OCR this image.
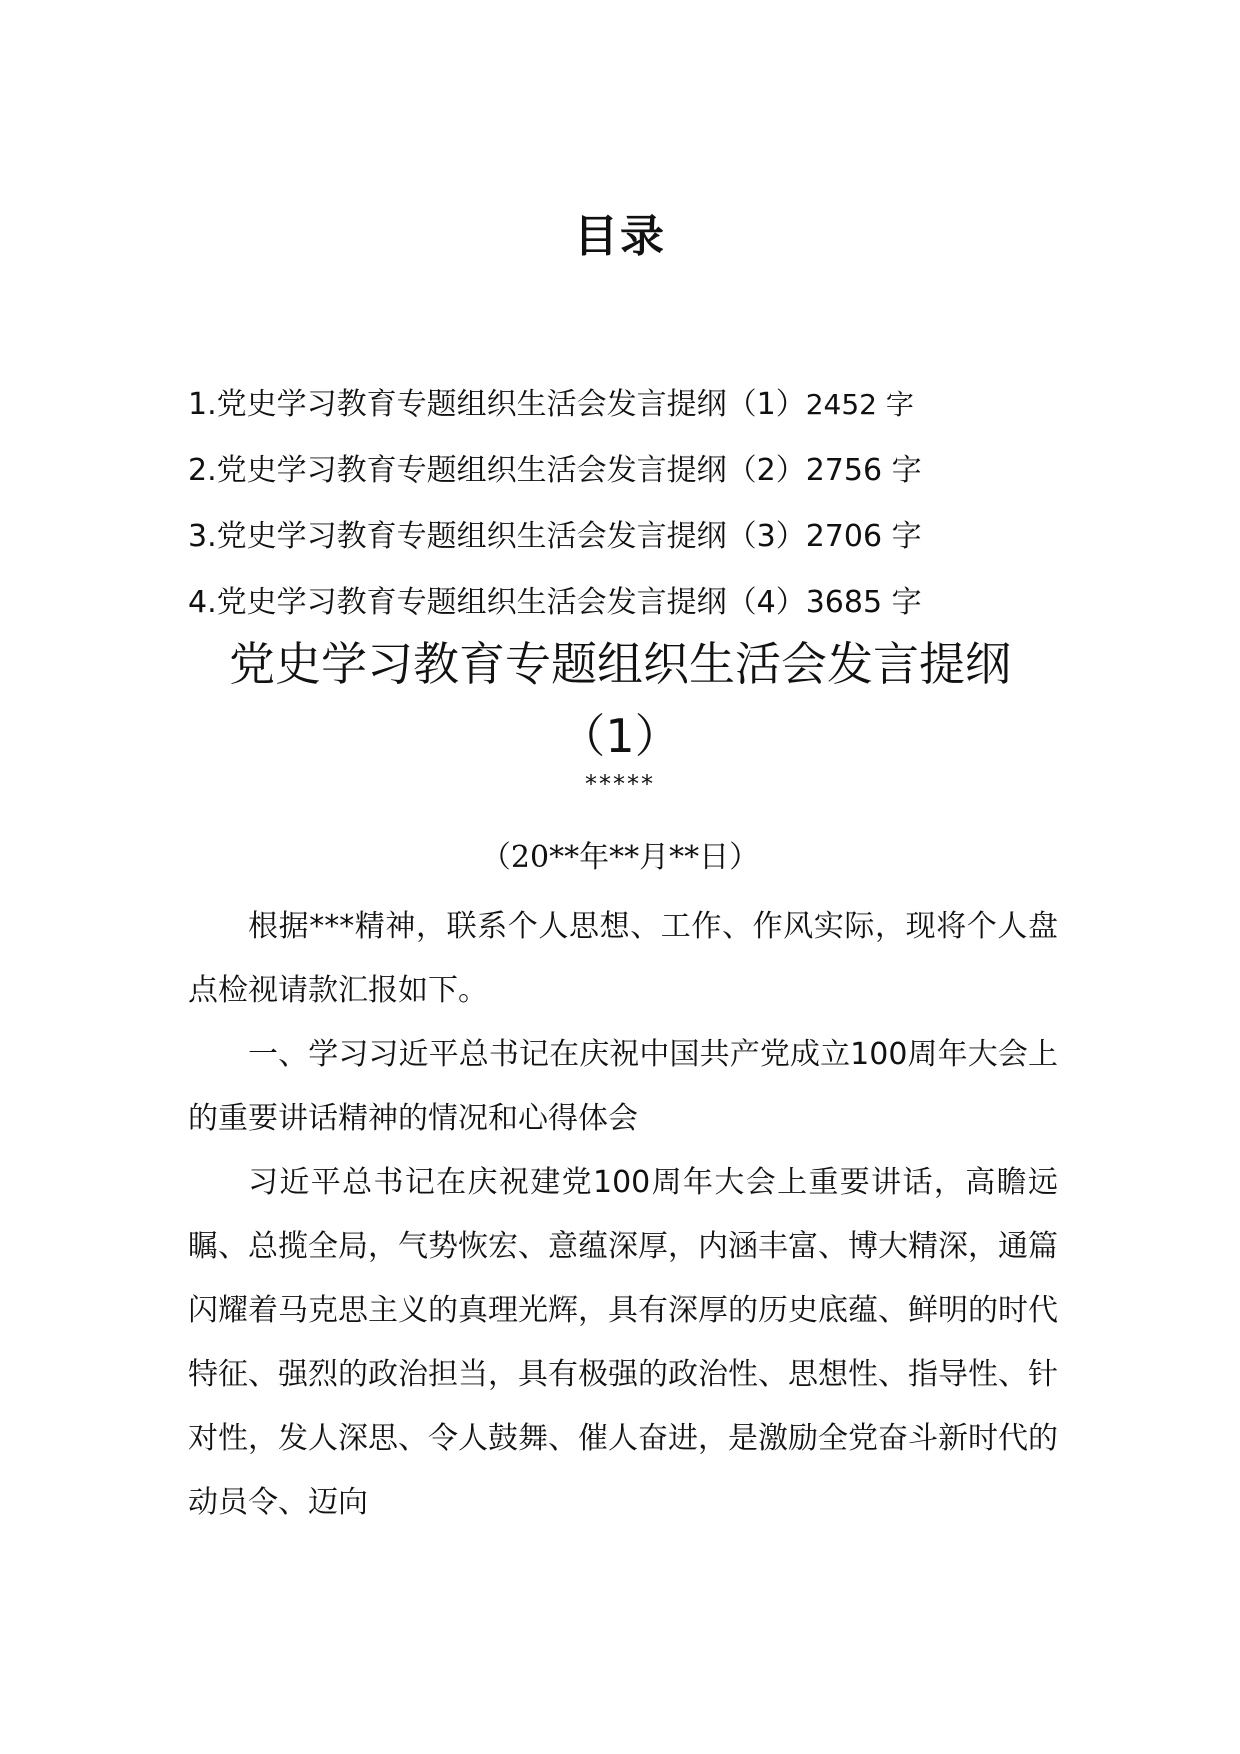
目录
1.党史学习教育专题组织生活会发言提纲（1）2452 字
2.党史学习教育专题组织生活会发言提纲（2）2756 字
3.党史学习教育专题组织生活会发言提纲（3）2706 字
4.党史学习教育专题组织生活会发言提纲（4）3685 字
党史学习教育专题组织生活会发言提纲
（1）
*****
（20**年**月**日）

根据***精神，联系个人思想、工作、作风实际，现将个人盘点检视请款汇报如下。

一、学习习近平总书记在庆祝中国共产党成立100周年大会上的重要讲话精神的情况和心得体会

习近平总书记在庆祝建党100周年大会上重要讲话，高瞻远瞩、总揽全局，气势恢宏、意蕴深厚，内涵丰富、博大精深，通篇闪耀着马克思主义的真理光辉，具有深厚的历史底蕴、鲜明的时代特征、强烈的政治担当，具有极强的政治性、思想性、指导性、针对性，发人深思、令人鼓舞、催人奋进，是激励全党奋斗新时代的动员令、迈向
